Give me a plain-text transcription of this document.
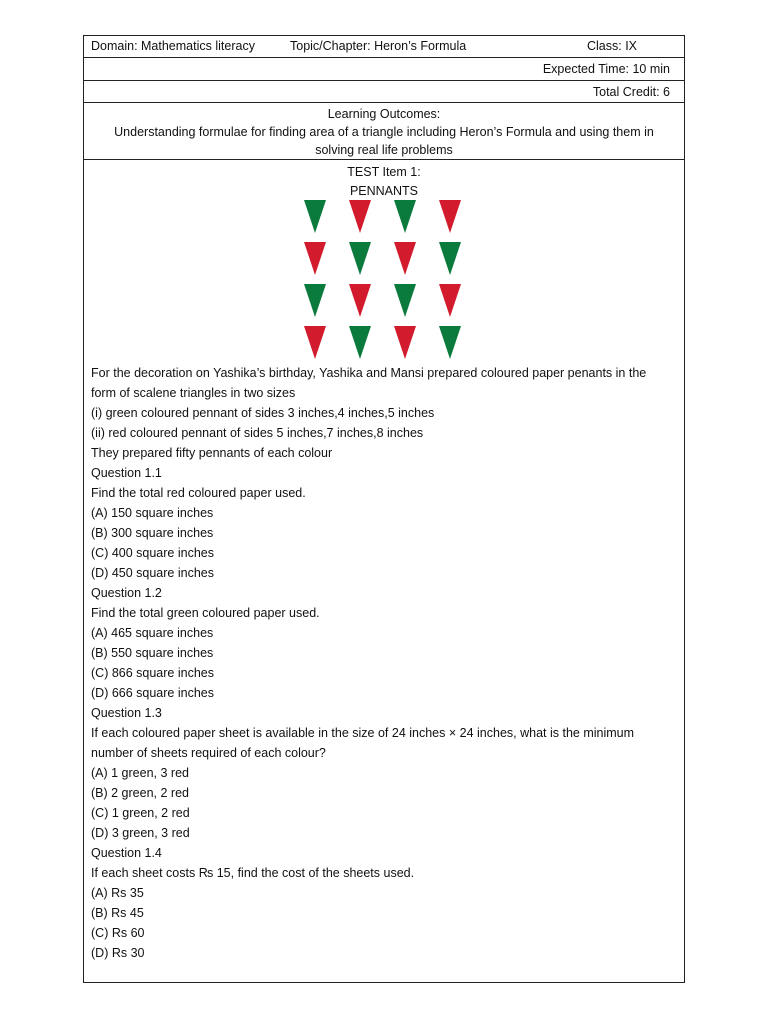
Domain: Mathematics literacy	Topic/Chapter: Heron’s Formula	Class: IX
Expected Time: 10 min
Total Credit: 6
Learning Outcomes:
Understanding formulae for finding area of a triangle including Heron’s Formula and using them in
solving real life problems
TEST Item 1:
PENNANTS
For the decoration on Yashika’s birthday, Yashika and Mansi prepared coloured paper penants in the
form of scalene triangles in two sizes
(i) green coloured pennant of sides 3 inches,4 inches,5 inches
(ii) red coloured pennant of sides 5 inches,7 inches,8 inches
They prepared fifty pennants of each colour
Question 1.1
Find the total red coloured paper used.
(A) 150 square inches
(B) 300 square inches
(C) 400 square inches
(D) 450 square inches
Question 1.2
Find the total green coloured paper used.
(A) 465 square inches
(B) 550 square inches
(C) 866 square inches
(D) 666 square inches
Question 1.3
If each coloured paper sheet is available in the size of 24 inches × 24 inches, what is the minimum
number of sheets required of each colour?
(A) 1 green, 3 red
(B) 2 green, 2 red
(C) 1 green, 2 red
(D) 3 green, 3 red
Question 1.4
If each sheet costs ₨ 15, find the cost of the sheets used.
(A) Rs 35
(B) Rs 45
(C) Rs 60
(D) Rs 30
